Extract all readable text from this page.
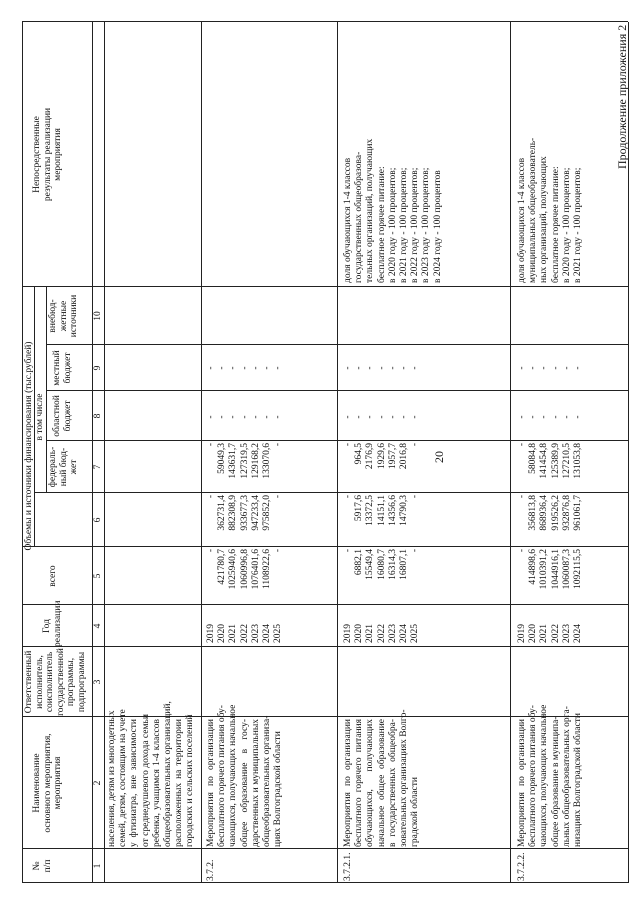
20
Продолжение приложения 2
№ п/п
Наименование основного мероприятия, мероприятия
Ответственный исполнитель, соисполнитель государственной программы, подпрограммы
Год реализации
Объемы и источники финансирования (тыс.рублей)
всего
в том числе
федераль- ный бюд- жет
областной бюджет
местный бюджет
внебюд- жетные источники
Непосредственные результаты реализации мероприятия
1
2
3
4
5
6
7
8
9
10
населения, детям из многодетных семей, детям, состоящим на учете у фтизиатра, вне зависимости от среднедушевого дохода семьи ребенка, учащимся 1-4 классов общеобразовательных организаций, расположенных на территории городских и сельских поселений
3.7.2.
Мероприятия по организации бесплатного горячего питания обу- чающихся, получающих начальное общее образование в госу- дарственных и муниципальных общеобразовательных организа- циях Волгоградской области
2019 2020 2021 2022 2023 2024 2025
- 421780,7 1025940,6 1060996,8 1076401,6 1108922,6 -
- 362731,4 882308,9 933677,3 947233,4 975852,0 -
- 59049,3 143631,7 127319,5 129168,2 133070,6 -
- - - - - - -
- - - - - - -
3.7.2.1.
Мероприятия по организации бесплатного горячего питания обучающихся, получающих начальное общее образование в государственных общеобра- зовательных организациях Волго- градской области
2019 2020 2021 2022 2023 2024 2025
- 6882,1 15549,4 16080,7 16314,3 16807,1 -
- 5917,6 13372,5 14151,1 14356,6 14790,3 -
- 964,5 2176,9 1929,6 1957,7 2016,8 -
- - - - - - -
- - - - - - -
доля обучающихся 1-4 классов государственных общеобразова- тельных организаций, получающих бесплатное горячее питание: в 2020 году - 100 процентов; в 2021 году - 100 процентов; в 2022 году - 100 процентов; в 2023 году - 100 процентов; в 2024 году - 100 процентов
3.7.2.2.
Мероприятия по организации бесплатного горячего питания обу- чающихся, получающих начальное общее образование в муниципа- льных общеобразовательных орга- низациях Волгоградской области
2019 2020 2021 2022 2023 2024
- 414898,6 1010391,2 1044916,1 1060087,3 1092115,5
- 356813,8 868936,4 919526,2 932876,8 961061,7
- 58084,8 141454,8 125389,9 127210,5 131053,8
- - - - - -
- - - - - -
доля обучающихся 1-4 классов муниципальных общеобразователь- ных организаций, получающих бесплатное горячее питание: в 2020 году - 100 процентов; в 2021 году - 100 процентов;
